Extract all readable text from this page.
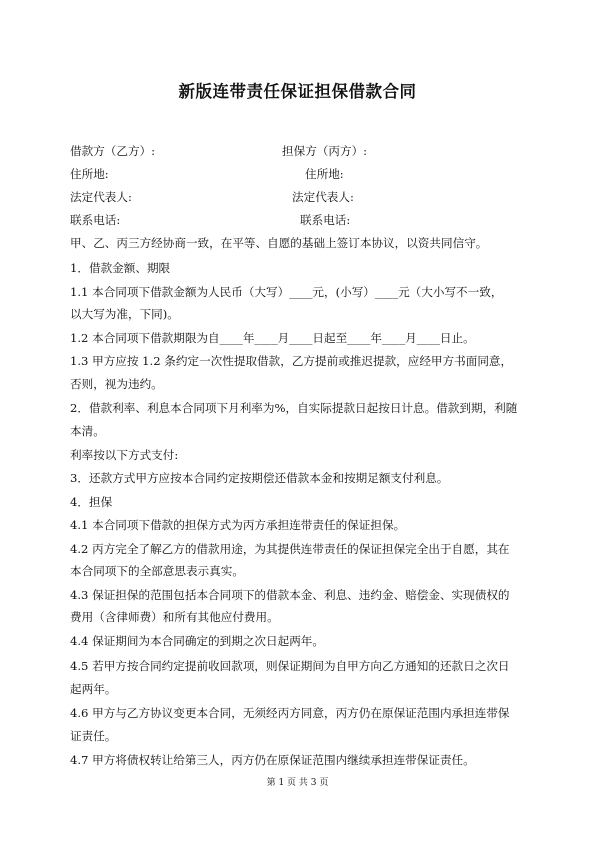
新版连带责任保证担保借款合同
借款方（乙方）:	担保方（丙方）:
住所地:	住所地:
法定代表人:	法定代表人:
联系电话:	联系电话:
甲、乙、丙三方经协商一致，在平等、自愿的基础上签订本协议，以资共同信守。
1．借款金额、期限
1.1 本合同项下借款金额为人民币（大写）____元，(小写）____元（大小写不一致，
以大写为准，下同)。
1.2 本合同项下借款期限为自____年____月____日起至____年____月____日止。
1.3 甲方应按 1.2 条约定一次性提取借款，乙方提前或推迟提款，应经甲方书面同意，
否则，视为违约。
2．借款利率、利息本合同项下月利率为%，自实际提款日起按日计息。借款到期，利随
本清。
利率按以下方式支付:
3．还款方式甲方应按本合同约定按期偿还借款本金和按期足额支付利息。
4．担保
4.1 本合同项下借款的担保方式为丙方承担连带责任的保证担保。
4.2 丙方完全了解乙方的借款用途，为其提供连带责任的保证担保完全出于自愿，其在
本合同项下的全部意思表示真实。
4.3 保证担保的范围包括本合同项下的借款本金、利息、违约金、赔偿金、实现债权的
费用（含律师费）和所有其他应付费用。
4.4 保证期间为本合同确定的到期之次日起两年。
4.5 若甲方按合同约定提前收回款项，则保证期间为自甲方向乙方通知的还款日之次日
起两年。
4.6 甲方与乙方协议变更本合同，无须经丙方同意，丙方仍在原保证范围内承担连带保
证责任。
4.7 甲方将债权转让给第三人，丙方仍在原保证范围内继续承担连带保证责任。
第 1 页 共 3 页
